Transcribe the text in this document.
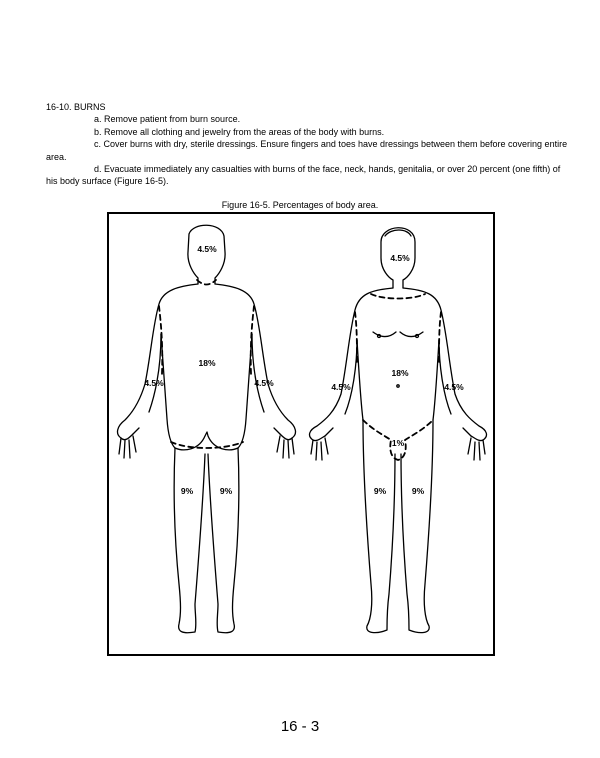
16-10. BURNS
a. Remove patient from burn source.
b. Remove all clothing and jewelry from the areas of the body with burns.
c. Cover burns with dry, sterile dressings. Ensure fingers and toes have dressings between them before covering entire
area.
d. Evacuate immediately any casualties with burns of the face, neck, hands, genitalia, or over 20 percent (one fifth) of
his body surface (Figure 16-5).
Figure 16-5. Percentages of body area.
4.5%
18%
4.5%	4.5%
9%	9%
4.5%
18%
4.5%	4.5%
1%
9%	9%
16 - 3
